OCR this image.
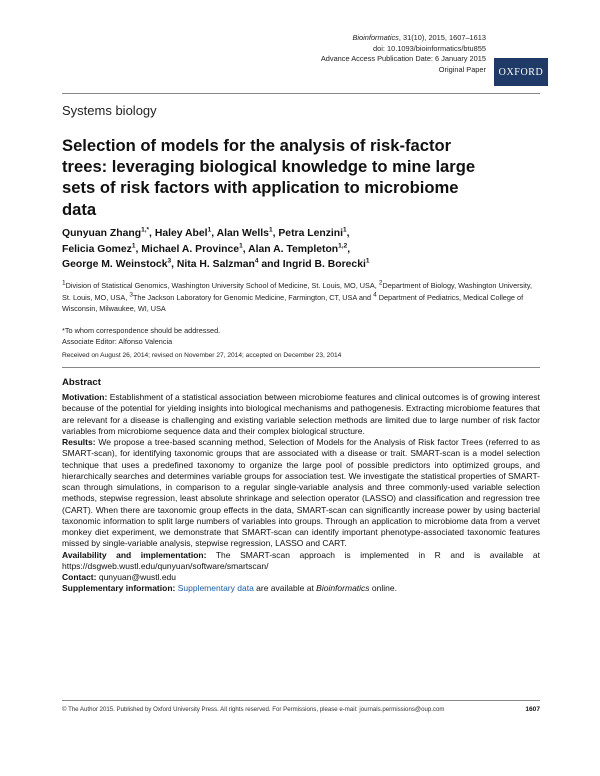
Bioinformatics, 31(10), 2015, 1607–1613
doi: 10.1093/bioinformatics/btu855
Advance Access Publication Date: 6 January 2015
Original Paper	OXFORD
Systems biology
Selection of models for the analysis of risk-factor trees: leveraging biological knowledge to mine large sets of risk factors with application to microbiome data
Qunyuan Zhang$^{1,*}$, Haley Abel$^1$, Alan Wells$^1$, Petra Lenzini$^1$,
Felicia Gomez$^1$, Michael A. Province$^1$, Alan A. Templeton$^{1,2}$,
George M. Weinstock$^3$, Nita H. Salzman$^4$ and Ingrid B. Borecki$^1$
$^1$Division of Statistical Genomics, Washington University School of Medicine, St. Louis, MO, USA, $^2$Department of Biology, Washington University, St. Louis, MO, USA, $^3$The Jackson Laboratory for Genomic Medicine, Farmington, CT, USA and $^4$ Department of Pediatrics, Medical College of Wisconsin, Milwaukee, WI, USA
*To whom correspondence should be addressed.
Associate Editor: Alfonso Valencia
Received on August 26, 2014; revised on November 27, 2014; accepted on December 23, 2014
Abstract

Motivation: Establishment of a statistical association between microbiome features and clinical outcomes is of growing interest because of the potential for yielding insights into biological mechanisms and pathogenesis. Extracting microbiome features that are relevant for a disease is challenging and existing variable selection methods are limited due to large number of risk factor variables from microbiome sequence data and their complex biological structure.

Results: We propose a tree-based scanning method, Selection of Models for the Analysis of Risk factor Trees (referred to as SMART-scan), for identifying taxonomic groups that are associated with a disease or trait. SMART-scan is a model selection technique that uses a predefined taxonomy to organize the large pool of possible predictors into optimized groups, and hierarchically searches and determines variable groups for association test. We investigate the statistical properties of SMART-scan through simulations, in comparison to a regular single-variable analysis and three commonly-used variable selection methods, stepwise regression, least absolute shrinkage and selection operator (LASSO) and classification and regression tree (CART). When there are taxonomic group effects in the data, SMART-scan can significantly increase power by using bacterial taxonomic information to split large numbers of variables into groups. Through an application to microbiome data from a vervet monkey diet experiment, we demonstrate that SMART-scan can identify important phenotype-associated taxonomic features missed by single-variable analysis, stepwise regression, LASSO and CART.

Availability and implementation: The SMART-scan approach is implemented in R and is available at https://dsgweb.wustl.edu/qunyuan/software/smartscan/

Contact: qunyuan@wustl.edu

Supplementary information: Supplementary data are available at Bioinformatics online.

© The Author 2015. Published by Oxford University Press. All rights reserved. For Permissions, please e-mail: journals.permissions@oup.com	1607
